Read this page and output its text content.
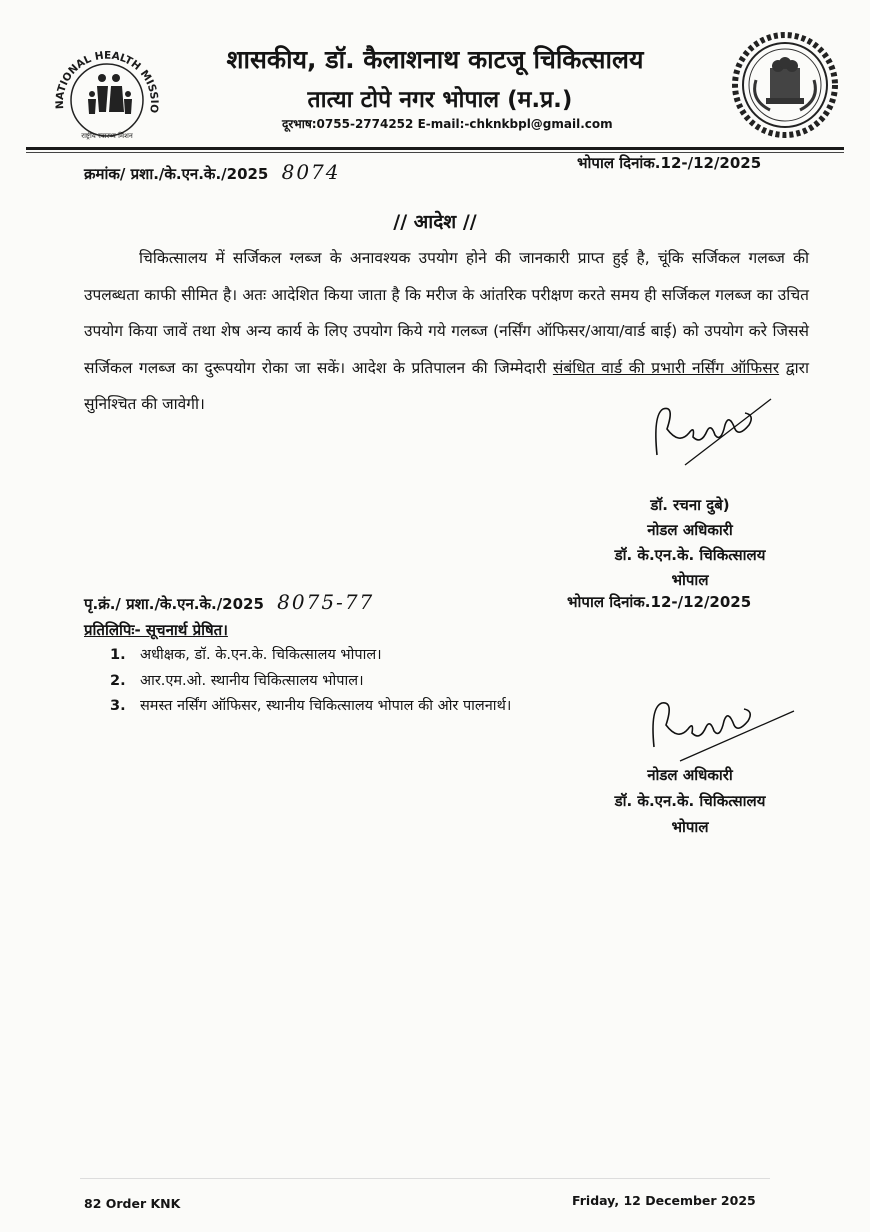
NATIONAL HEALTH MISSIO
राष्ट्रीय स्वास्थ्य मिशन
शासकीय, डॉ. कैलाशनाथ काटजू चिकित्सालय
तात्या टोपे नगर भोपाल (म.प्र.)
दूरभाष:0755-2774252 E-mail:-chknkbpl@gmail.com
क्रमांक/ प्रशा./के.एन.के./2025 8074	भोपाल दिनांक.12-/12/2025
// आदेश //
चिकित्सालय में सर्जिकल ग्लब्ज के अनावश्यक उपयोग होने की जानकारी प्राप्त हुई है, चूंकि सर्जिकल गलब्ज की उपलब्धता काफी सीमित है। अतः आदेशित किया जाता है कि मरीज के आंतरिक परीक्षण करते समय ही सर्जिकल गलब्ज का उचित उपयोग किया जावें तथा शेष अन्य कार्य के लिए उपयोग किये गये गलब्ज (नर्सिंग ऑफिसर/आया/वार्ड बाई) को उपयोग करे जिससे सर्जिकल गलब्ज का दुरूपयोग रोका जा सकें। आदेश के प्रतिपालन की जिम्मेदारी संबंधित वार्ड की प्रभारी नर्सिंग ऑफिसर द्वारा सुनिश्चित की जावेगी।
डॉ. रचना दुबे)
नोडल अधिकारी
डॉ. के.एन.के. चिकित्सालय
भोपाल
पृ.क्रं./ प्रशा./के.एन.के./2025 8075-77	भोपाल दिनांक.12-/12/2025
प्रतिलिपिः- सूचनार्थ प्रेषित।
1. अधीक्षक, डॉ. के.एन.के. चिकित्सालय भोपाल।
2. आर.एम.ओ. स्थानीय चिकित्सालय भोपाल।
3. समस्त नर्सिंग ऑफिसर, स्थानीय चिकित्सालय भोपाल की ओर पालनार्थ।
नोडल अधिकारी
डॉ. के.एन.के. चिकित्सालय
भोपाल
82 Order KNK	Friday, 12 December 2025
